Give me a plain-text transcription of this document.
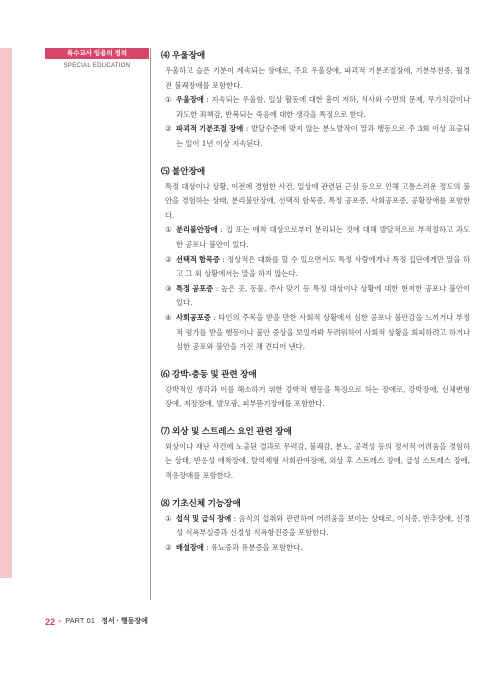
특수교사 임용의 정석
SPECIAL EDUCATION
⑷ 우울장애

우울하고 슬픈 기분이 계속되는 장애로, 주요 우울장애, 파괴적 기분조절장애, 기분부전증, 월경 전 불쾌장애를 포함한다.

① 우울장애 : 지속되는 우울함, 일상 활동에 대한 흥미 저하, 식사와 수면의 문제, 무가치감이나 과도한 죄책감, 반복되는 죽음에 대한 생각을 특징으로 한다.
② 파괴적 기분조절 장애 : 발달수준에 맞지 않는 분노발작이 말과 행동으로 주 3회 이상 표출되는 일이 1년 이상 지속된다.
⑸ 불안장애

특정 대상이나 상황, 이전에 경험한 사건, 일상에 관련된 근심 등으로 인해 고통스러운 정도의 불안을 경험하는 상태, 분리불안장애, 선택적 함묵증, 특정 공포증, 사회공포증, 공황장애를 포함한다.

① 분리불안장애 : 집 또는 애착 대상으로부터 분리되는 것에 대해 발달적으로 부적절하고 과도한 공포나 불안이 있다.
② 선택적 함묵증 : 정상적은 대화를 할 수 있으면서도 특정 사람에게나 특정 집단에게만 말을 하고 그 외 상황에서는 말을 하지 않는다.
③ 특정 공포증 : 높은 곳, 동물, 주사 맞기 등 특정 대상이나 상황에 대한 현저한 공포나 불안이 있다.
④ 사회공포증 : 타인의 주목을 받을 만한 사회적 상황에서 심한 공포나 불안감을 느끼거나 부정적 평가를 받을 행동이나 불안 증상을 보일까봐 두려워하여 사회적 상황을 회피하려고 하거나 심한 공포와 불안을 가진 채 견디어 낸다.
⑹ 강박-충동 및 관련 장애

강박적인 생각과 이를 해소하기 위한 강박적 행동을 특징으로 하는 장애로, 강박장애, 신체변형장애, 저장장애, 발모광, 피부뜯기장애를 포함한다.

⑺ 외상 및 스트레스 요인 관련 장애

외상이나 재난 사건에 노출된 결과로 무력감, 불쾌감, 분노, 공격성 등의 정서적 어려움을 경험하는 상태, 반응성 애착장애, 탈억제형 사회관여장애, 외상 후 스트레스 장애, 급성 스트레스 장애, 적응장애를 포함한다.

⑻ 기초신체 기능장애
① 섭식 및 급식 장애 : 음식의 섭취와 관련하여 어려움을 보이는 상태로, 이식증, 반추장애, 신경성 식욕부실증과 신경성 식욕항진증을 포함한다.
② 배설장애 : 유뇨증과 유분증을 포함한다.
22 » PART 01 정서 · 행동장애
